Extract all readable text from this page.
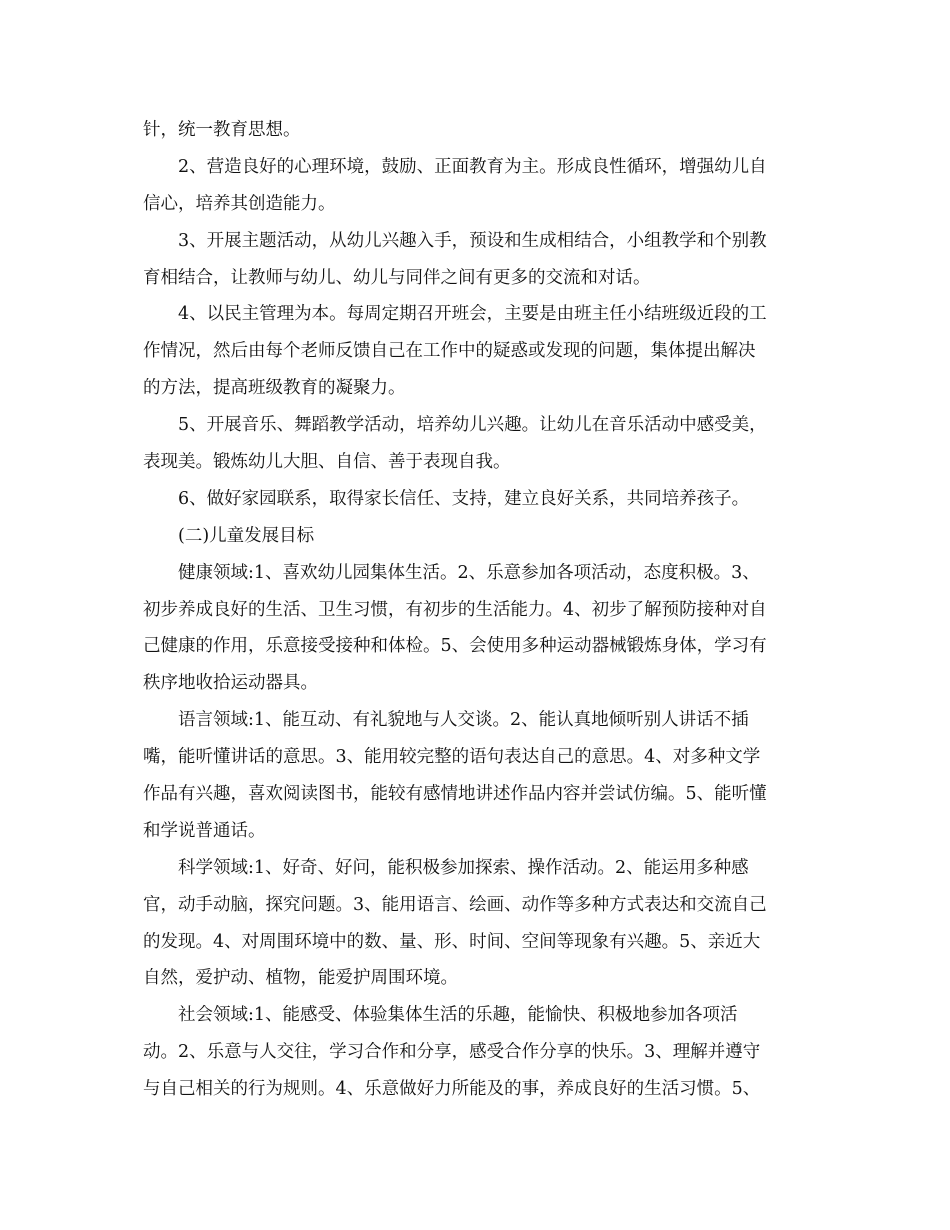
针，统一教育思想。
2、营造良好的心理环境，鼓励、正面教育为主。形成良性循环，增强幼儿自
信心，培养其创造能力。
3、开展主题活动，从幼儿兴趣入手，预设和生成相结合，小组教学和个别教
育相结合，让教师与幼儿、幼儿与同伴之间有更多的交流和对话。
4、以民主管理为本。每周定期召开班会，主要是由班主任小结班级近段的工
作情况，然后由每个老师反馈自己在工作中的疑惑或发现的问题，集体提出解决
的方法，提高班级教育的凝聚力。
5、开展音乐、舞蹈教学活动，培养幼儿兴趣。让幼儿在音乐活动中感受美，
表现美。锻炼幼儿大胆、自信、善于表现自我。
6、做好家园联系，取得家长信任、支持，建立良好关系，共同培养孩子。
(二)儿童发展目标
健康领域:1、喜欢幼儿园集体生活。2、乐意参加各项活动，态度积极。3、
初步养成良好的生活、卫生习惯，有初步的生活能力。4、初步了解预防接种对自
己健康的作用，乐意接受接种和体检。5、会使用多种运动器械锻炼身体，学习有
秩序地收拾运动器具。
语言领域:1、能互动、有礼貌地与人交谈。2、能认真地倾听别人讲话不插
嘴，能听懂讲话的意思。3、能用较完整的语句表达自己的意思。4、对多种文学
作品有兴趣，喜欢阅读图书，能较有感情地讲述作品内容并尝试仿编。5、能听懂
和学说普通话。
科学领域:1、好奇、好问，能积极参加探索、操作活动。2、能运用多种感
官，动手动脑，探究问题。3、能用语言、绘画、动作等多种方式表达和交流自己
的发现。4、对周围环境中的数、量、形、时间、空间等现象有兴趣。5、亲近大
自然，爱护动、植物，能爱护周围环境。
社会领域:1、能感受、体验集体生活的乐趣，能愉快、积极地参加各项活
动。2、乐意与人交往，学习合作和分享，感受合作分享的快乐。3、理解并遵守
与自己相关的行为规则。4、乐意做好力所能及的事，养成良好的生活习惯。5、
